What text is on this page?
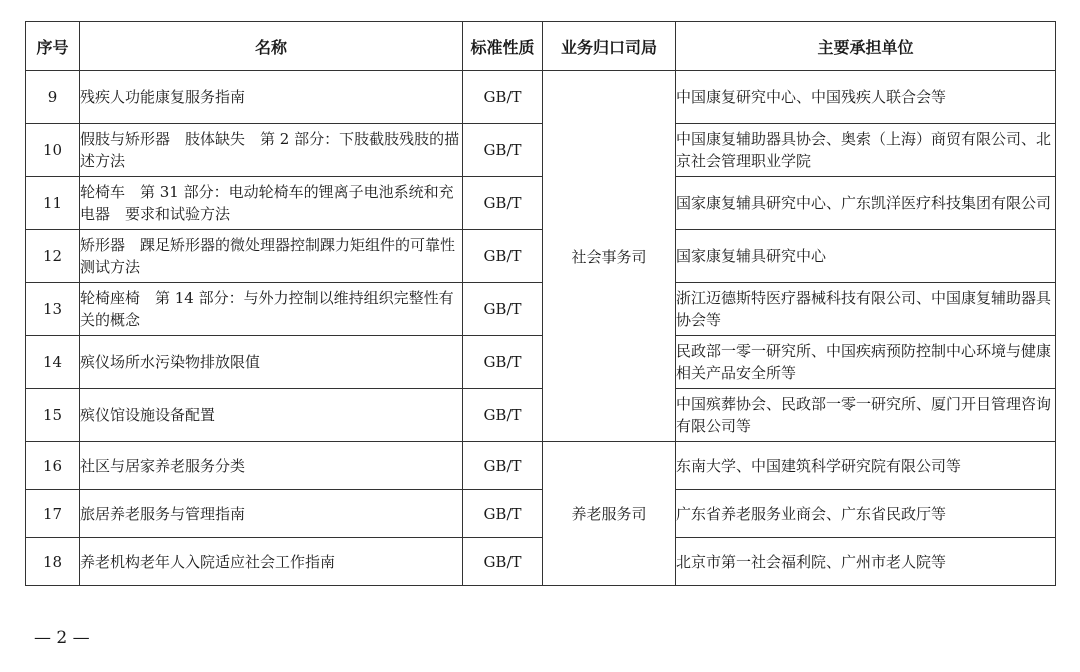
序号	名称	标准性质	业务归口司局	主要承担单位
9	残疾人功能康复服务指南	GB/T	社会事务司	中国康复研究中心、中国残疾人联合会等
10	假肢与矫形器　肢体缺失　第 2 部分：下肢截肢残肢的描述方法	GB/T		中国康复辅助器具协会、奥索（上海）商贸有限公司、北京社会管理职业学院
11	轮椅车　第 31 部分：电动轮椅车的锂离子电池系统和充电器　要求和试验方法	GB/T		国家康复辅具研究中心、广东凯洋医疗科技集团有限公司
12	矫形器　踝足矫形器的微处理器控制踝力矩组件的可靠性测试方法	GB/T		国家康复辅具研究中心
13	轮椅座椅　第 14 部分：与外力控制以维持组织完整性有关的概念	GB/T		浙江迈德斯特医疗器械科技有限公司、中国康复辅助器具协会等
14	殡仪场所水污染物排放限值	GB/T		民政部一零一研究所、中国疾病预防控制中心环境与健康相关产品安全所等
15	殡仪馆设施设备配置	GB/T		中国殡葬协会、民政部一零一研究所、厦门开目管理咨询有限公司等
16	社区与居家养老服务分类	GB/T	养老服务司	东南大学、中国建筑科学研究院有限公司等
17	旅居养老服务与管理指南	GB/T		广东省养老服务业商会、广东省民政厅等
18	养老机构老年人入院适应社会工作指南	GB/T		北京市第一社会福利院、广州市老人院等
— 2 —
